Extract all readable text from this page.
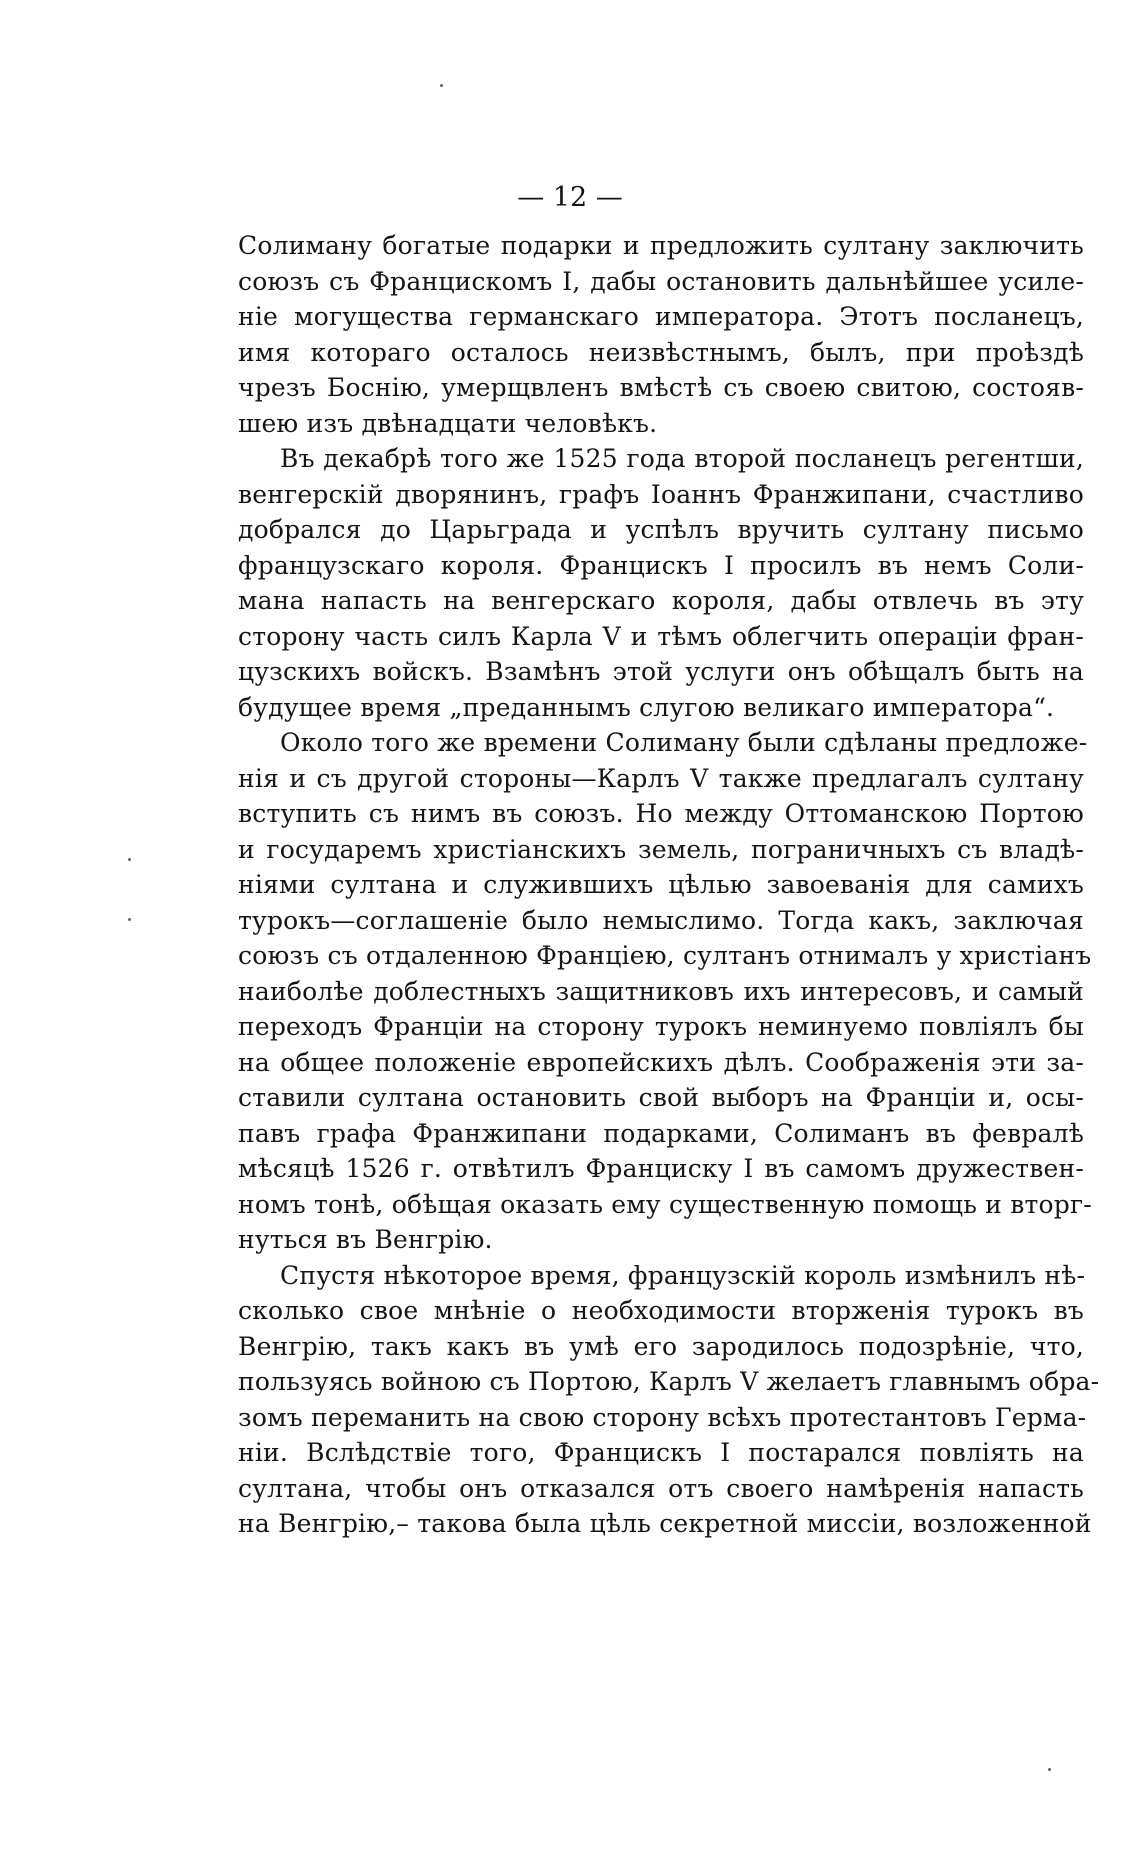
— 12 —
Солиману богатые подарки и предложить султану заключить
союзъ съ Францискомъ I, дабы остановить дальнѣйшее усиле-
нie могущества германскаго императора. Этотъ посланецъ,
имя котораго осталось неизвѣстнымъ, былъ, при проѣздѣ
чрезъ Боснiю, умерщвленъ вмѣстѣ съ своею свитою, состояв-
шею изъ двѣнадцати человѣкъ.
Въ декабрѣ того же 1525 года второй посланецъ регентши,
венгерскiй дворянинъ, графъ Iоаннъ Франжипани, счастливо
добрался до Царьграда и успѣлъ вручить султану письмо
французскаго короля. Францискъ I просилъ въ немъ Соли-
мана напасть на венгерскаго короля, дабы отвлечь въ эту
сторону часть силъ Карла V и тѣмъ облегчить операцiи фран-
цузскихъ войскъ. Взамѣнъ этой услуги онъ обѣщалъ быть на
будущее время „преданнымъ слугою великаго императора“.
Около того же времени Солиману были сдѣланы предложе-
нiя и съ другой стороны—Карлъ V также предлагалъ султану
вступить съ нимъ въ союзъ. Но между Оттоманскою Портою
и государемъ христiанскихъ земель, пограничныхъ съ владѣ-
нiями султана и служившихъ цѣлью завоеванiя для самихъ
турокъ—соглашенiе было немыслимо. Тогда какъ, заключая
союзъ съ отдаленною Францiею, султанъ отнималъ у христiанъ
наиболѣе доблестныхъ защитниковъ ихъ интересовъ, и самый
переходъ Францiи на сторону турокъ неминуемо повлiялъ бы
на общее положенiе европейскихъ дѣлъ. Соображенiя эти за-
ставили султана остановить свой выборъ на Францiи и, осы-
павъ графа Франжипани подарками, Солиманъ въ февралѣ
мѣсяцѣ 1526 г. отвѣтилъ Франциску I въ самомъ дружествен-
номъ тонѣ, обѣщая оказать ему существенную помощь и вторг-
нуться въ Венгрiю.
Спустя нѣкоторое время, французскiй король измѣнилъ нѣ-
сколько свое мнѣнiе о необходимости вторженiя турокъ въ
Венгрiю, такъ какъ въ умѣ его зародилось подозрѣнiе, что,
пользуясь войною съ Портою, Карлъ V желаетъ главнымъ обра-
зомъ переманить на свою сторону всѣхъ протестантовъ Герма-
нiи. Вслѣдствiе того, Францискъ I постарался повлiять на
султана, чтобы онъ отказался отъ своего намѣренiя напасть
на Венгрiю,– такова была цѣль секретной миссiи, возложенной
